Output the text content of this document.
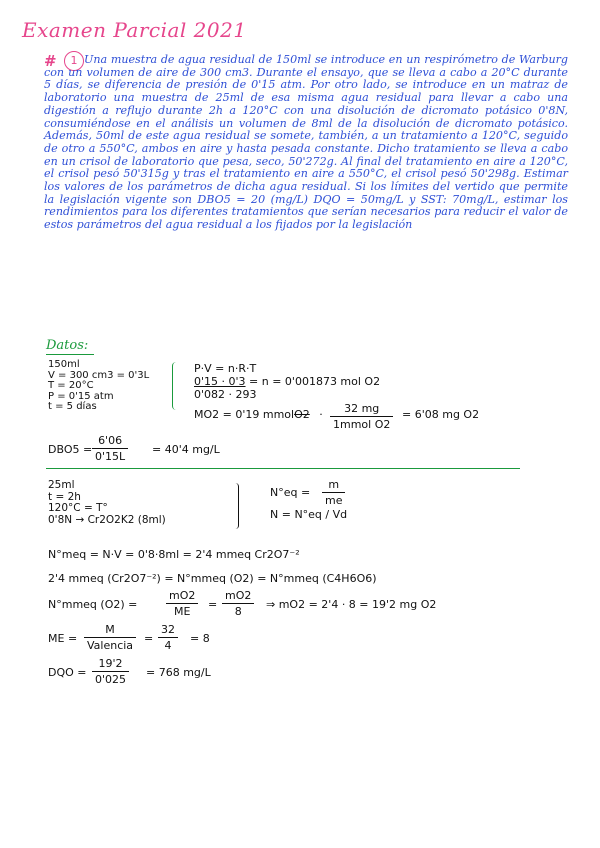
Examen Parcial 2021
#	1 Una muestra de agua residual de 150ml se introduce en un respirómetro de Warburg con un volumen de aire de 300 cm3. Durante el ensayo, que se lleva a cabo a 20°C durante 5 días, se diferencia de presión de 0'15 atm. Por otro lado, se introduce en un matraz de laboratorio una muestra de 25ml de esa misma agua residual para llevar a cabo una digestión a reflujo durante 2h a 120°C con una disolución de dicromato potásico 0'8N, consumiéndose en el análisis un volumen de 8ml de la disolución de dicromato potásico. Además, 50ml de este agua residual se somete, también, a un tratamiento a 120°C, seguido de otro a 550°C, ambos en aire y hasta pesada constante. Dicho tratamiento se lleva a cabo en un crisol de laboratorio que pesa, seco, 50'272g. Al final del tratamiento en aire a 120°C, el crisol pesó 50'315g y tras el tratamiento en aire a 550°C, el crisol pesó 50'298g. Estimar los valores de los parámetros de dicha agua residual. Si los límites del vertido que permite la legislación vigente son DBO5 = 20 (mg/L) DQO = 50mg/L y SST: 70mg/L, estimar los rendimientos para los diferentes tratamientos que serían necesarios para reducir el valor de estos parámetros del agua residual a los fijados por la legislación

Datos:
150ml
V = 300 cm3 = 0'3L
T = 20°C
P = 0'15 atm
t = 5 días
P·V = n·R·T
0'15 · 0'3 = n = 0'001873 mol O2
0'082 · 293
MO2 = 0'19 mmolO2 ·	32 mg
1mmol O2
= 6'08 mg O2
DBO5 =
6'06
0'15L
= 40'4 mg/L
25ml
t = 2h
120°C = T°
0'8N → Cr2O2K2 (8ml)
N°eq =
m
me
N = N°eq / Vd
N°meq = N·V = 0'8·8ml = 2'4 mmeq Cr2O7⁻²
2'4 mmeq (Cr2O7⁻²) = N°mmeq (O2) = N°mmeq (C4H6O6)
N°mmeq (O2) =
mO2
ME
=
mO2
8
⇒ mO2 = 2'4 · 8 = 19'2 mg O2
ME =
M
Valencia
=
32
4
= 8
DQO =
19'2
0'025
= 768 mg/L
